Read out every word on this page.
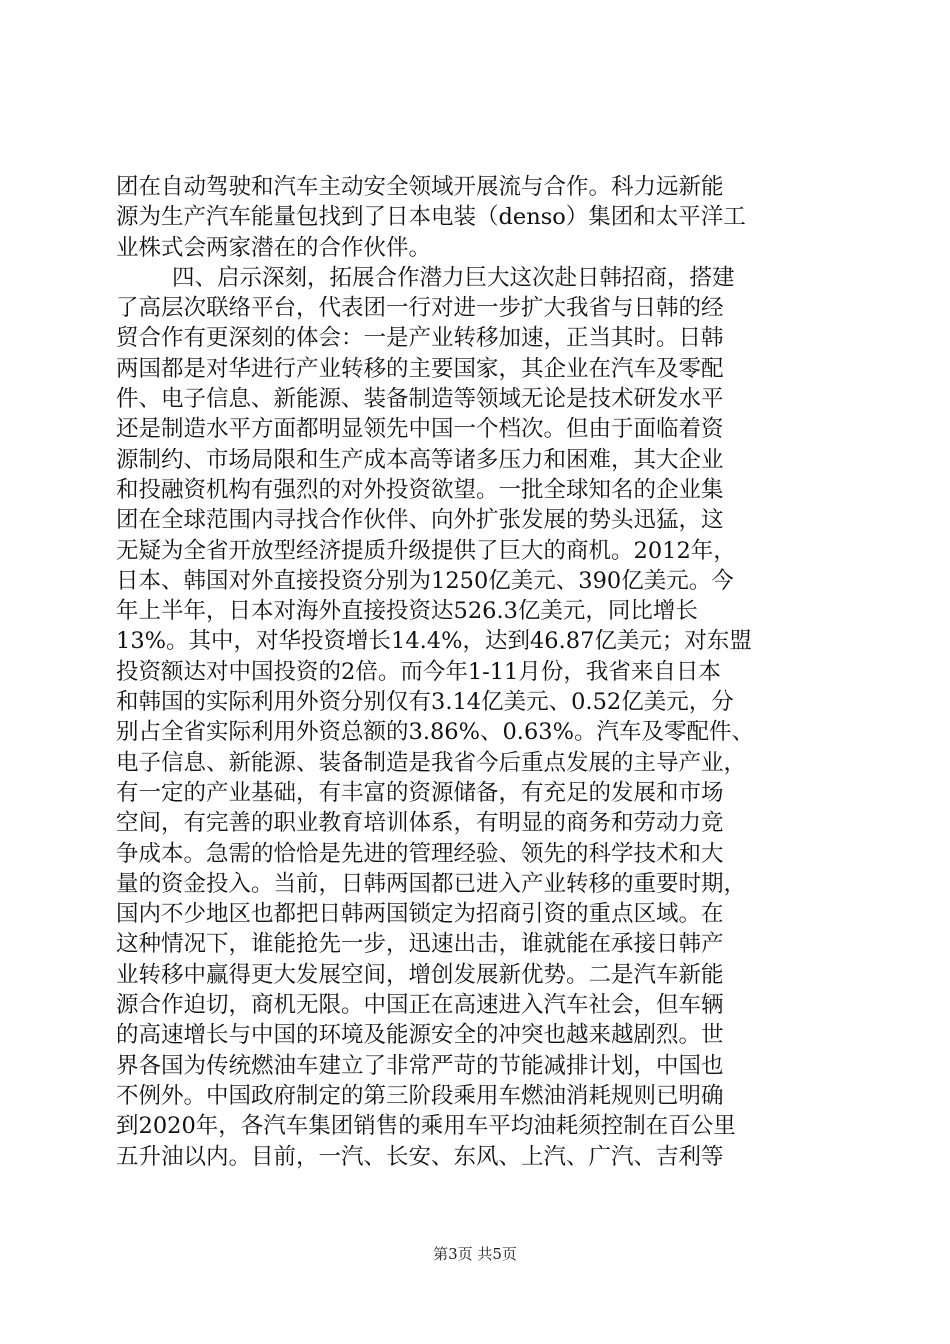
团在自动驾驶和汽车主动安全领域开展流与合作。科力远新能
源为生产汽车能量包找到了日本电装（denso）集团和太平洋工
业株式会两家潜在的合作伙伴。
四、启示深刻，拓展合作潜力巨大这次赴日韩招商，搭建
了高层次联络平台，代表团一行对进一步扩大我省与日韩的经
贸合作有更深刻的体会：一是产业转移加速，正当其时。日韩
两国都是对华进行产业转移的主要国家，其企业在汽车及零配
件、电子信息、新能源、装备制造等领域无论是技术研发水平
还是制造水平方面都明显领先中国一个档次。但由于面临着资
源制约、市场局限和生产成本高等诸多压力和困难，其大企业
和投融资机构有强烈的对外投资欲望。一批全球知名的企业集
团在全球范围内寻找合作伙伴、向外扩张发展的势头迅猛，这
无疑为全省开放型经济提质升级提供了巨大的商机。2012年，
日本、韩国对外直接投资分别为1250亿美元、390亿美元。今
年上半年，日本对海外直接投资达526.3亿美元，同比增长
13%。其中，对华投资增长14.4%，达到46.87亿美元；对东盟
投资额达对中国投资的2倍。而今年1-11月份，我省来自日本
和韩国的实际利用外资分别仅有3.14亿美元、0.52亿美元，分
别占全省实际利用外资总额的3.86%、0.63%。汽车及零配件、
电子信息、新能源、装备制造是我省今后重点发展的主导产业，
有一定的产业基础，有丰富的资源储备，有充足的发展和市场
空间，有完善的职业教育培训体系，有明显的商务和劳动力竞
争成本。急需的恰恰是先进的管理经验、领先的科学技术和大
量的资金投入。当前，日韩两国都已进入产业转移的重要时期，
国内不少地区也都把日韩两国锁定为招商引资的重点区域。在
这种情况下，谁能抢先一步，迅速出击，谁就能在承接日韩产
业转移中赢得更大发展空间，增创发展新优势。二是汽车新能
源合作迫切，商机无限。中国正在高速进入汽车社会，但车辆
的高速增长与中国的环境及能源安全的冲突也越来越剧烈。世
界各国为传统燃油车建立了非常严苛的节能减排计划，中国也
不例外。中国政府制定的第三阶段乘用车燃油消耗规则已明确
到2020年，各汽车集团销售的乘用车平均油耗须控制在百公里
五升油以内。目前，一汽、长安、东风、上汽、广汽、吉利等
第3页 共5页
